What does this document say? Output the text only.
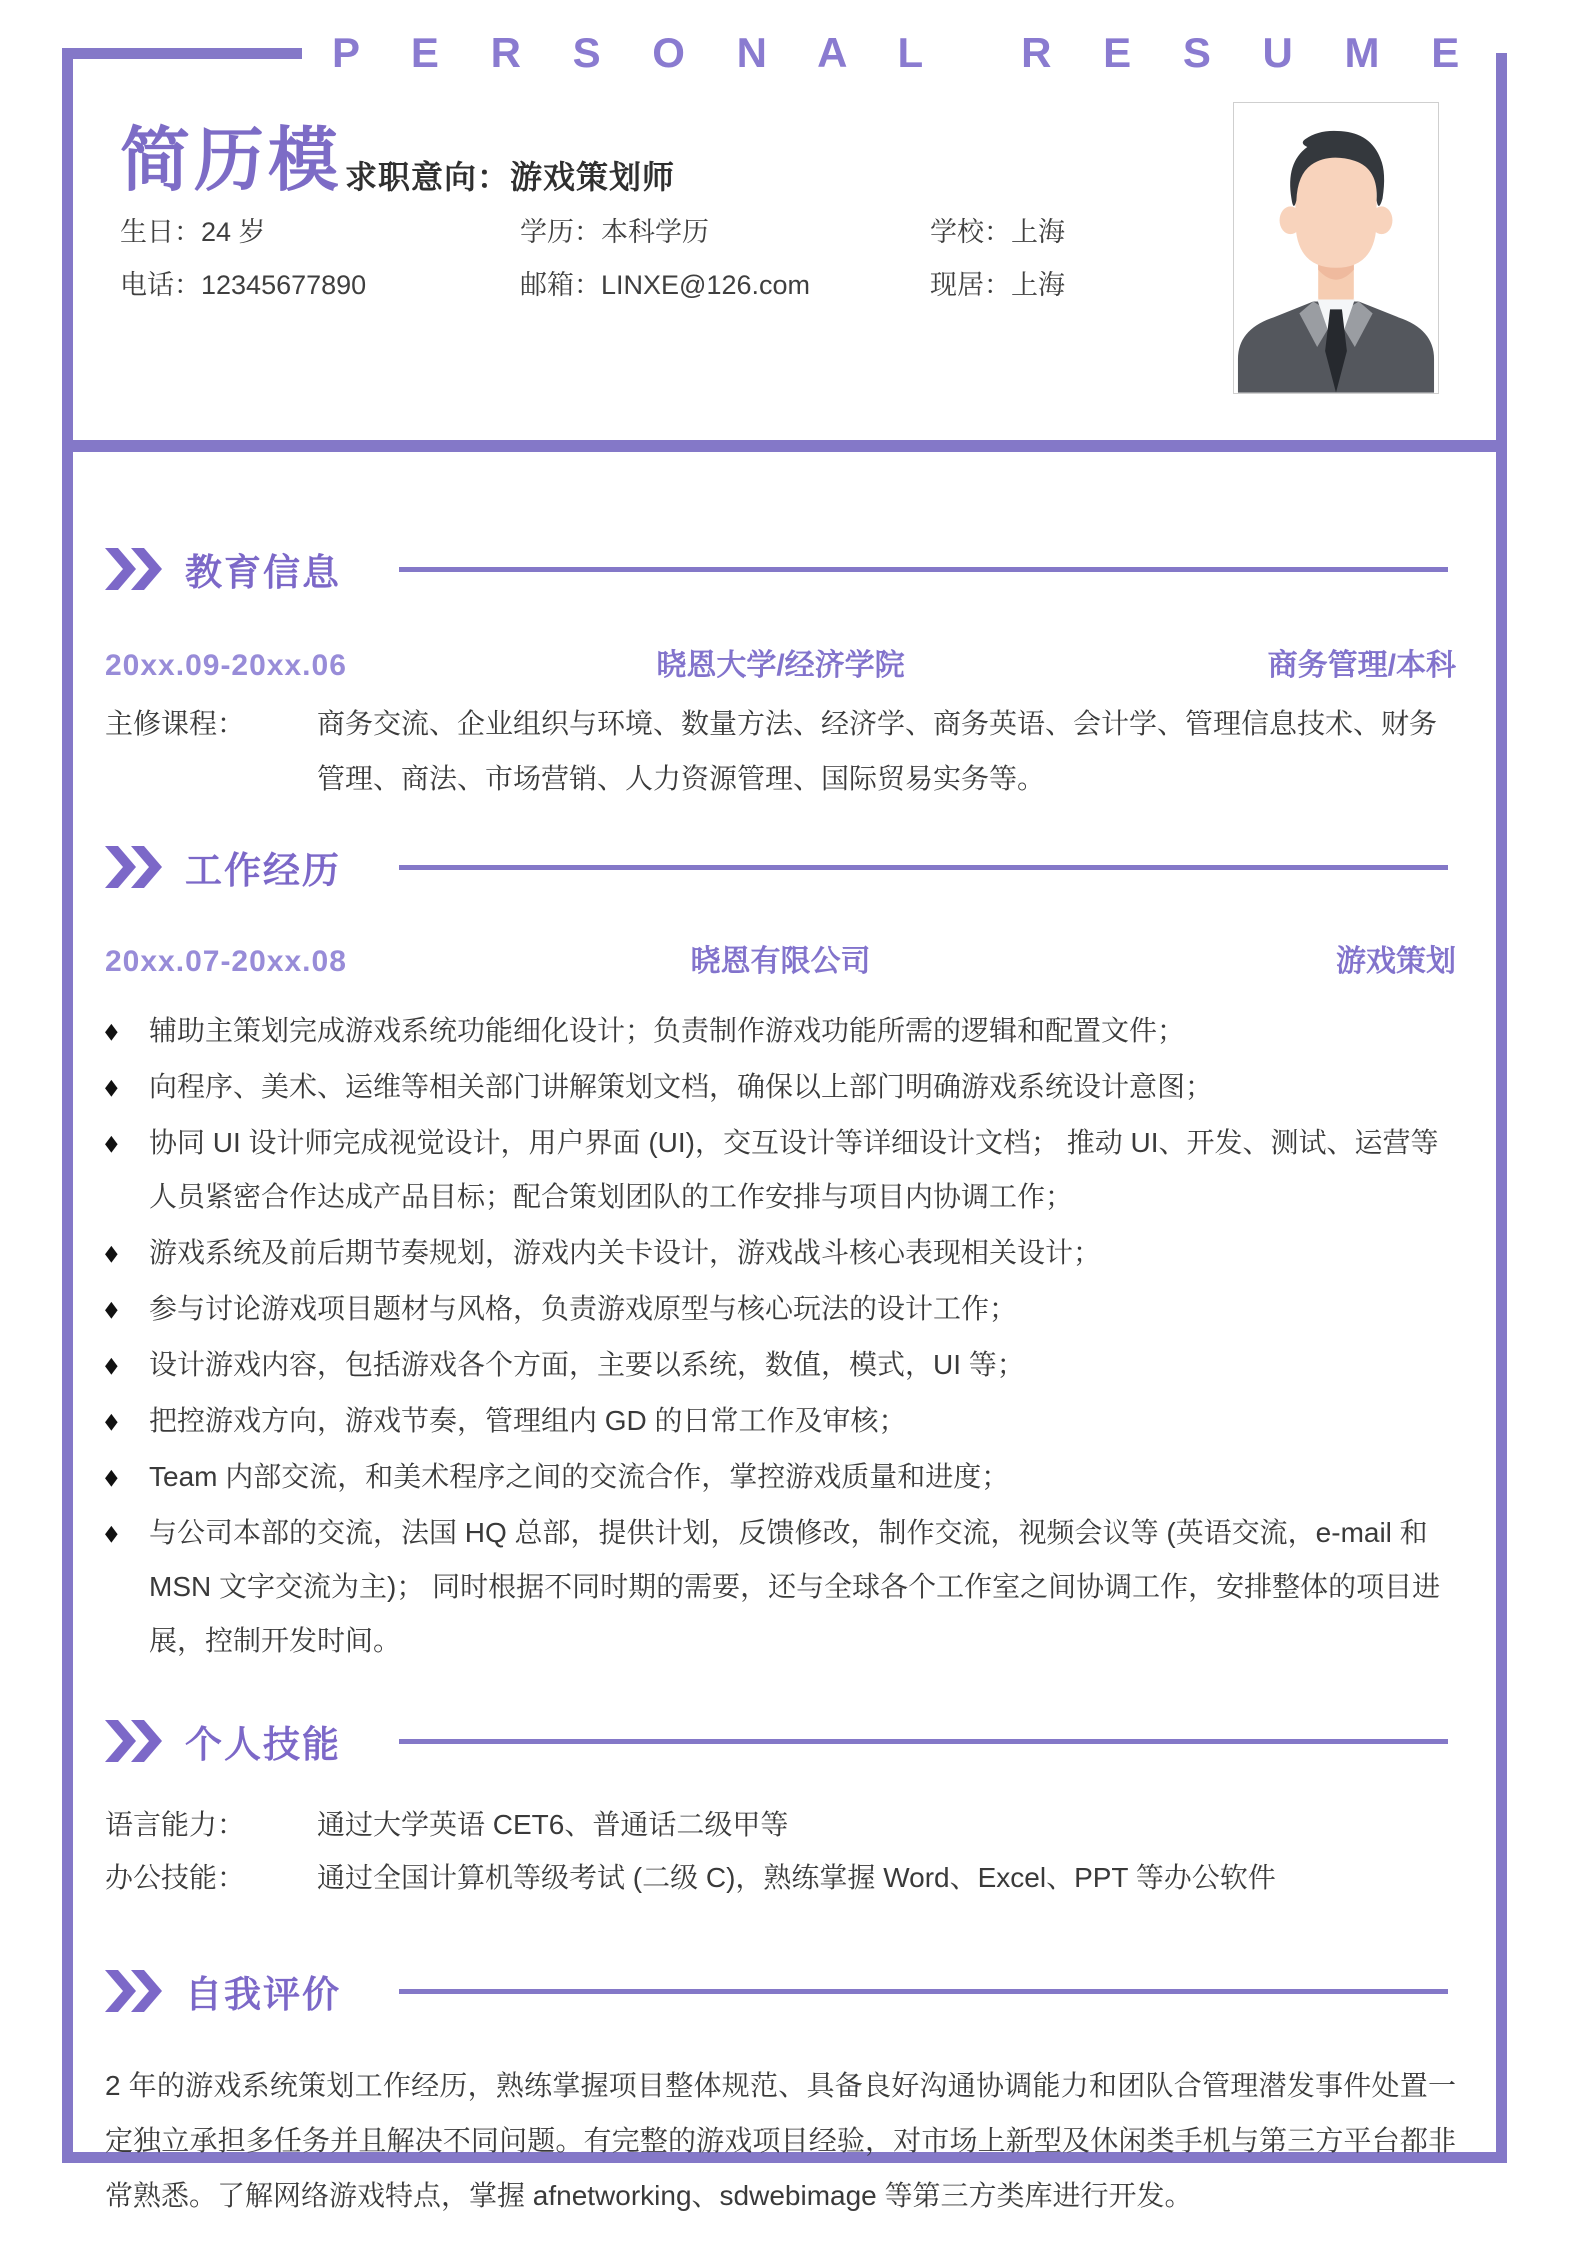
P E R S O N A L R E S U M E
简历模 求职意向：游戏策划师
生日：24 岁	学历：本科学历	学校：上海
电话：12345677890	邮箱：LINXE@126.com	现居：上海
教育信息
20xx.09-20xx.06	晓恩大学/经济学院	商务管理/本科
主修课程：	商务交流、企业组织与环境、数量方法、经济学、商务英语、会计学、管理信息技术、财务管理、商法、市场营销、人力资源管理、国际贸易实务等。
工作经历
20xx.07-20xx.08	晓恩有限公司	游戏策划
◆	辅助主策划完成游戏系统功能细化设计；负责制作游戏功能所需的逻辑和配置文件；

◆	向程序、美术、运维等相关部门讲解策划文档，确保以上部门明确游戏系统设计意图；

◆	协同 UI 设计师完成视觉设计，用户界面 (UI)，交互设计等详细设计文档； 推动 UI、开发、测试、运营等人员紧密合作达成产品目标；配合策划团队的工作安排与项目内协调工作；

◆	游戏系统及前后期节奏规划，游戏内关卡设计，游戏战斗核心表现相关设计；

◆	参与讨论游戏项目题材与风格，负责游戏原型与核心玩法的设计工作；

◆	设计游戏内容，包括游戏各个方面，主要以系统，数值，模式，UI 等；

◆	把控游戏方向，游戏节奏，管理组内 GD 的日常工作及审核；

◆	Team 内部交流，和美术程序之间的交流合作，掌控游戏质量和进度；

◆	与公司本部的交流，法国 HQ 总部，提供计划，反馈修改，制作交流，视频会议等 (英语交流，e-mail 和 MSN 文字交流为主)； 同时根据不同时期的需要，还与全球各个工作室之间协调工作，安排整体的项目进展，控制开发时间。

个人技能
语言能力：	通过大学英语 CET6、普通话二级甲等
办公技能：	通过全国计算机等级考试 (二级 C)，熟练掌握 Word、Excel、PPT 等办公软件
自我评价

2 年的游戏系统策划工作经历，熟练掌握项目整体规范、具备良好沟通协调能力和团队合管理潜发事件处置一定独立承担多任务并且解决不同问题。有完整的游戏项目经验，对市场上新型及休闲类手机与第三方平台都非常熟悉。了解网络游戏特点，掌握 afnetworking、sdwebimage 等第三方类库进行开发。
